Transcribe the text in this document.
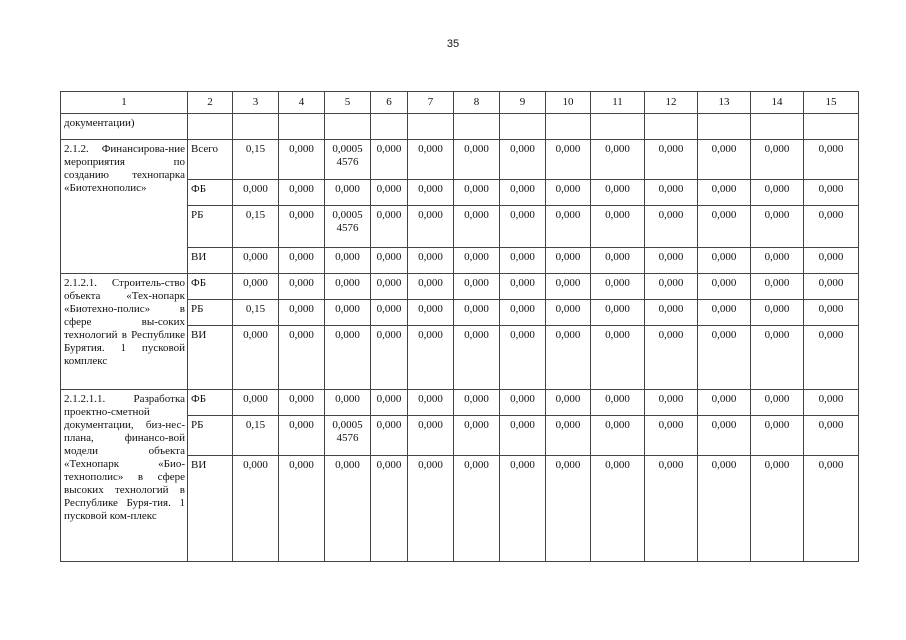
35
1	2	3	4	5	6	7	8	9	10	11	12	13	14	15
документации)														
2.1.2. Финансирова-ние мероприятия по созданию технопарка «Биотехнополис»	Всего	0,15	0,000	0,0005 4576	0,000	0,000	0,000	0,000	0,000	0,000	0,000	0,000	0,000	0,000
	ФБ	0,000	0,000	0,000	0,000	0,000	0,000	0,000	0,000	0,000	0,000	0,000	0,000	0,000
	РБ	0,15	0,000	0,0005 4576	0,000	0,000	0,000	0,000	0,000	0,000	0,000	0,000	0,000	0,000
	ВИ	0,000	0,000	0,000	0,000	0,000	0,000	0,000	0,000	0,000	0,000	0,000	0,000	0,000
2.1.2.1. Строитель-ство объекта «Тех-нопарк «Биотехно-полис» в сфере вы-соких технологий в Республике Бурятия. 1 пусковой комплекс	ФБ	0,000	0,000	0,000	0,000	0,000	0,000	0,000	0,000	0,000	0,000	0,000	0,000	0,000
	РБ	0,15	0,000	0,000	0,000	0,000	0,000	0,000	0,000	0,000	0,000	0,000	0,000	0,000
	ВИ	0,000	0,000	0,000	0,000	0,000	0,000	0,000	0,000	0,000	0,000	0,000	0,000	0,000
2.1.2.1.1. Разработка проектно-сметной документации, биз-нес-плана, финансо-вой модели объекта «Технопарк «Био-технополис» в сфере высоких технологий в Республике Буря-тия. 1 пусковой ком-плекс	ФБ	0,000	0,000	0,000	0,000	0,000	0,000	0,000	0,000	0,000	0,000	0,000	0,000	0,000
	РБ	0,15	0,000	0,0005 4576	0,000	0,000	0,000	0,000	0,000	0,000	0,000	0,000	0,000	0,000
	ВИ	0,000	0,000	0,000	0,000	0,000	0,000	0,000	0,000	0,000	0,000	0,000	0,000	0,000
